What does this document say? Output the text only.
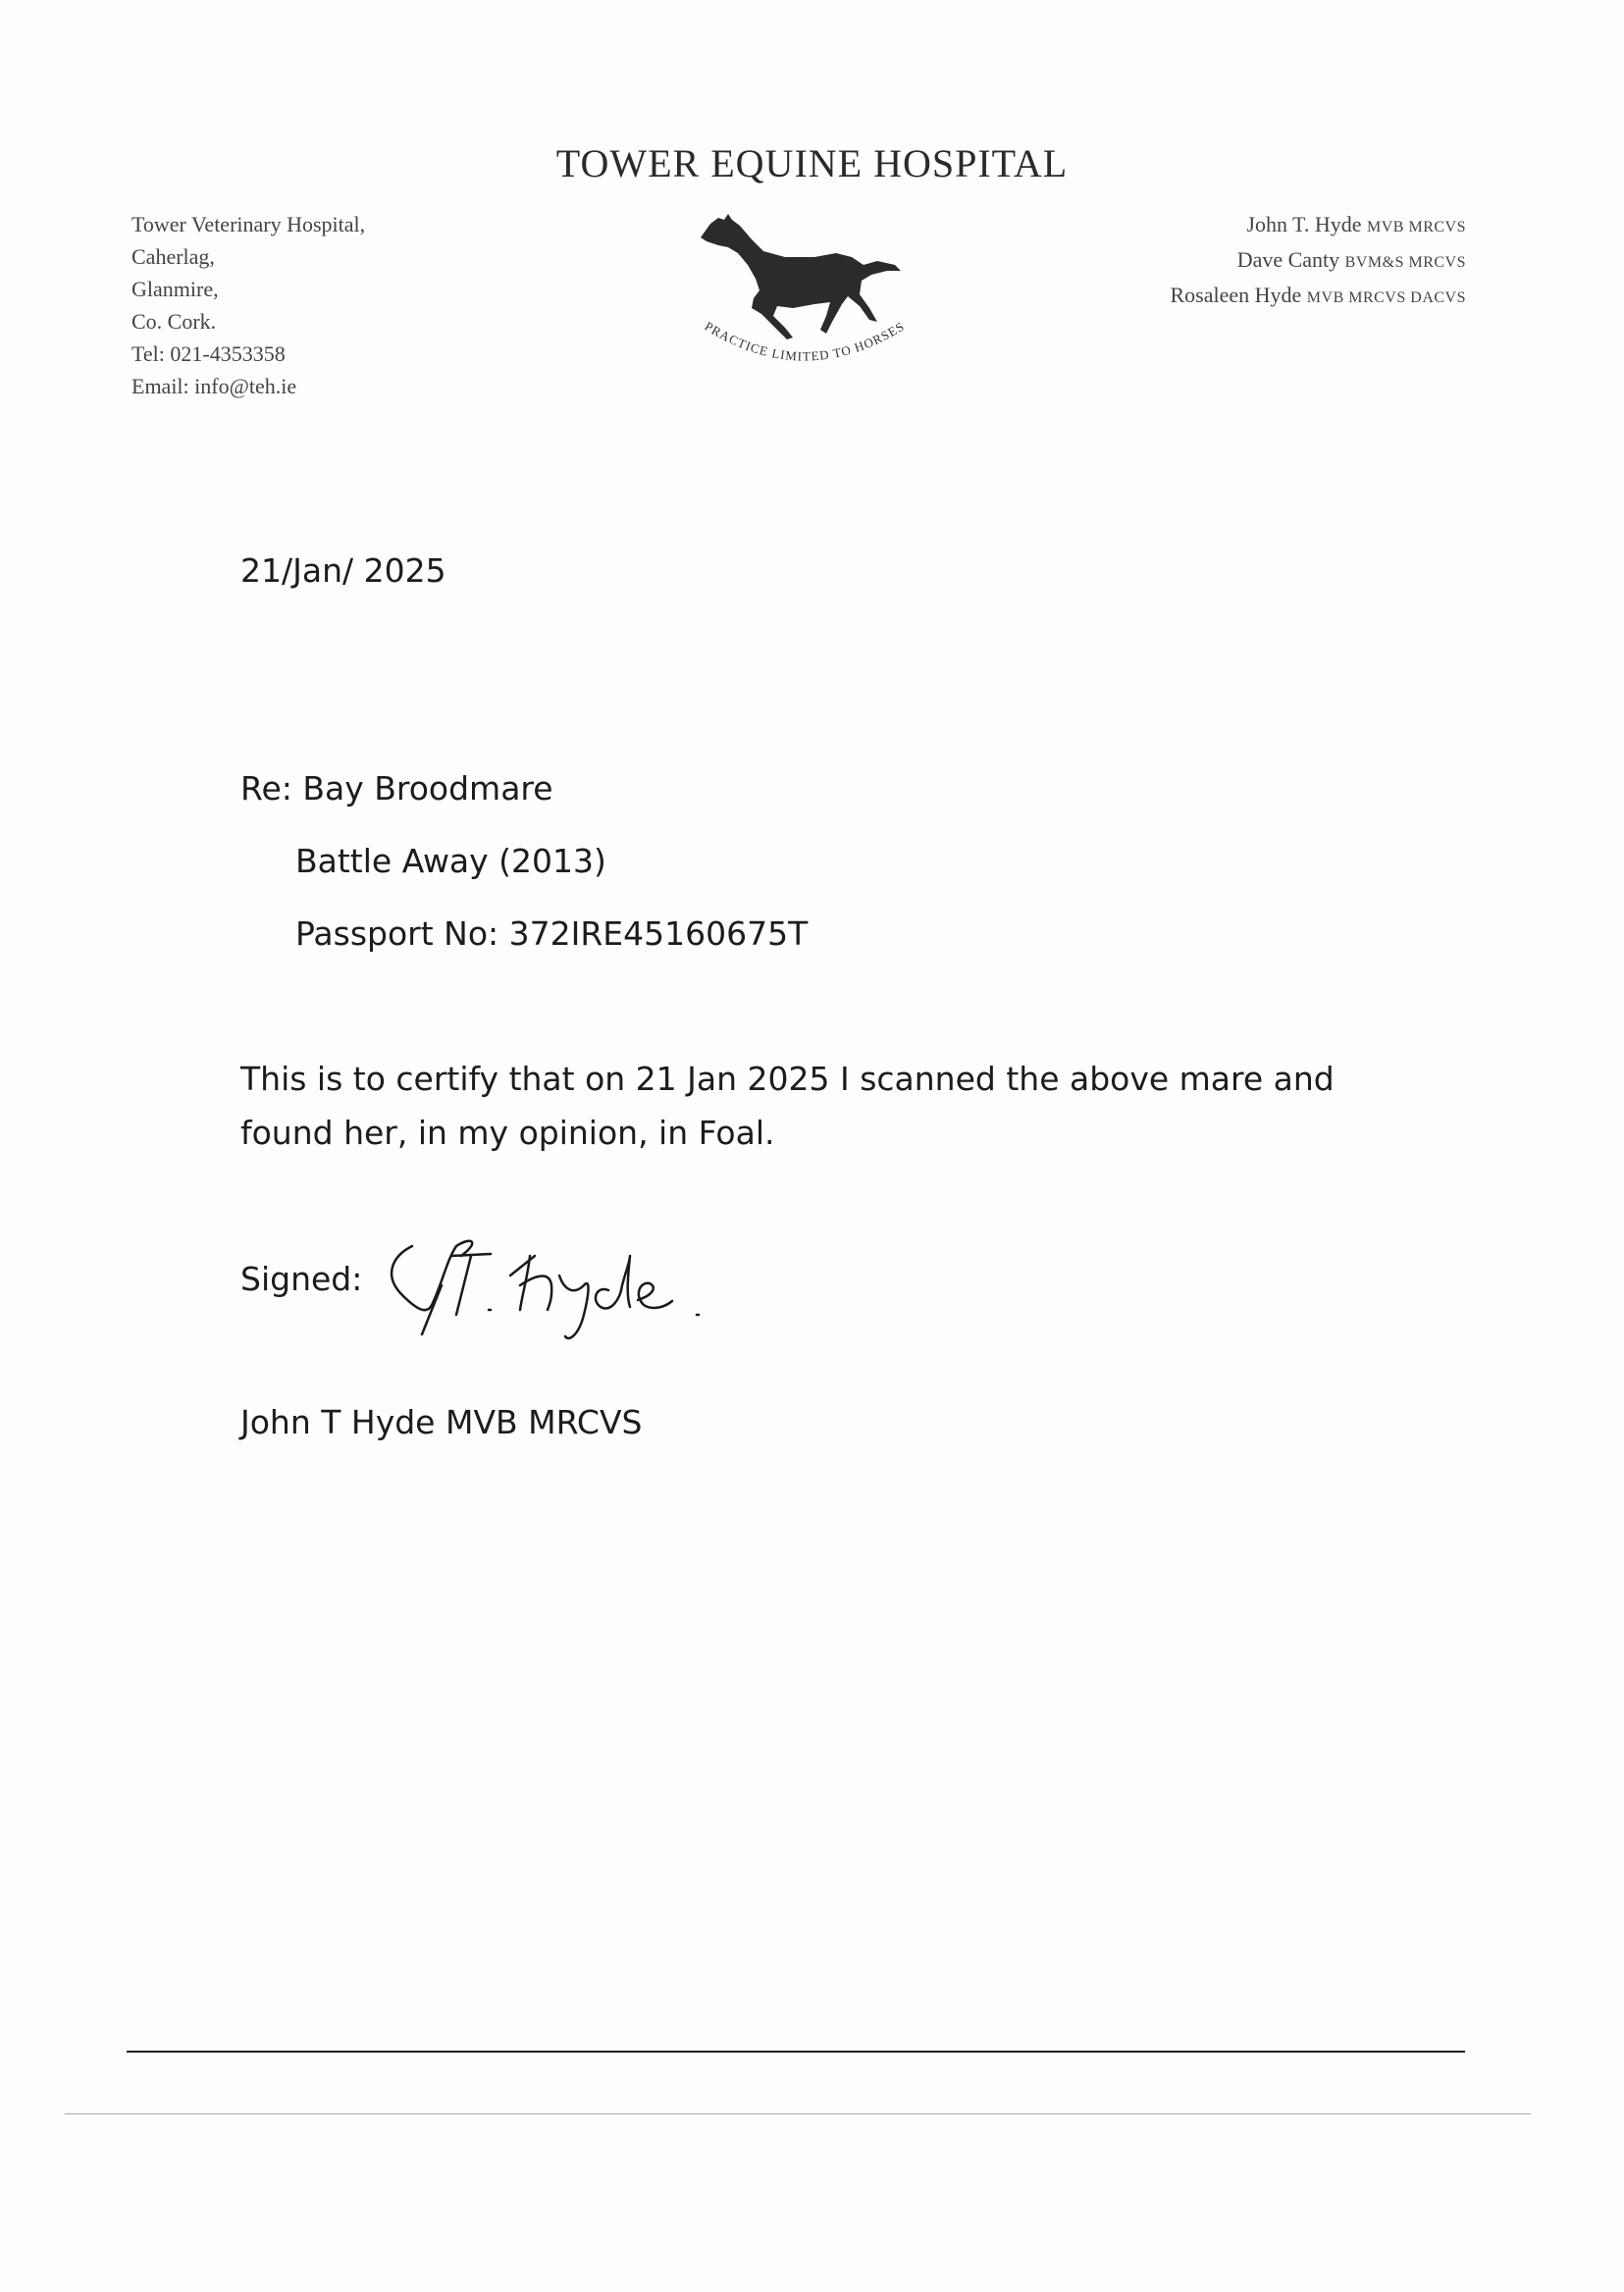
TOWER EQUINE HOSPITAL
Tower Veterinary Hospital,
Caherlag,
Glanmire,
Co. Cork.
Tel: 021-4353358
Email: info@teh.ie
John T. Hyde MVB MRCVS
Dave Canty BVM&S MRCVS
Rosaleen Hyde MVB MRCVS DACVS
PRACTICE LIMITED TO HORSES
21/Jan/ 2025
Re: Bay Broodmare
Battle Away (2013)
Passport No: 372IRE45160675T
This is to certify that on 21 Jan 2025 I scanned the above mare and
found her, in my opinion, in Foal.
Signed:
John T Hyde MVB MRCVS
